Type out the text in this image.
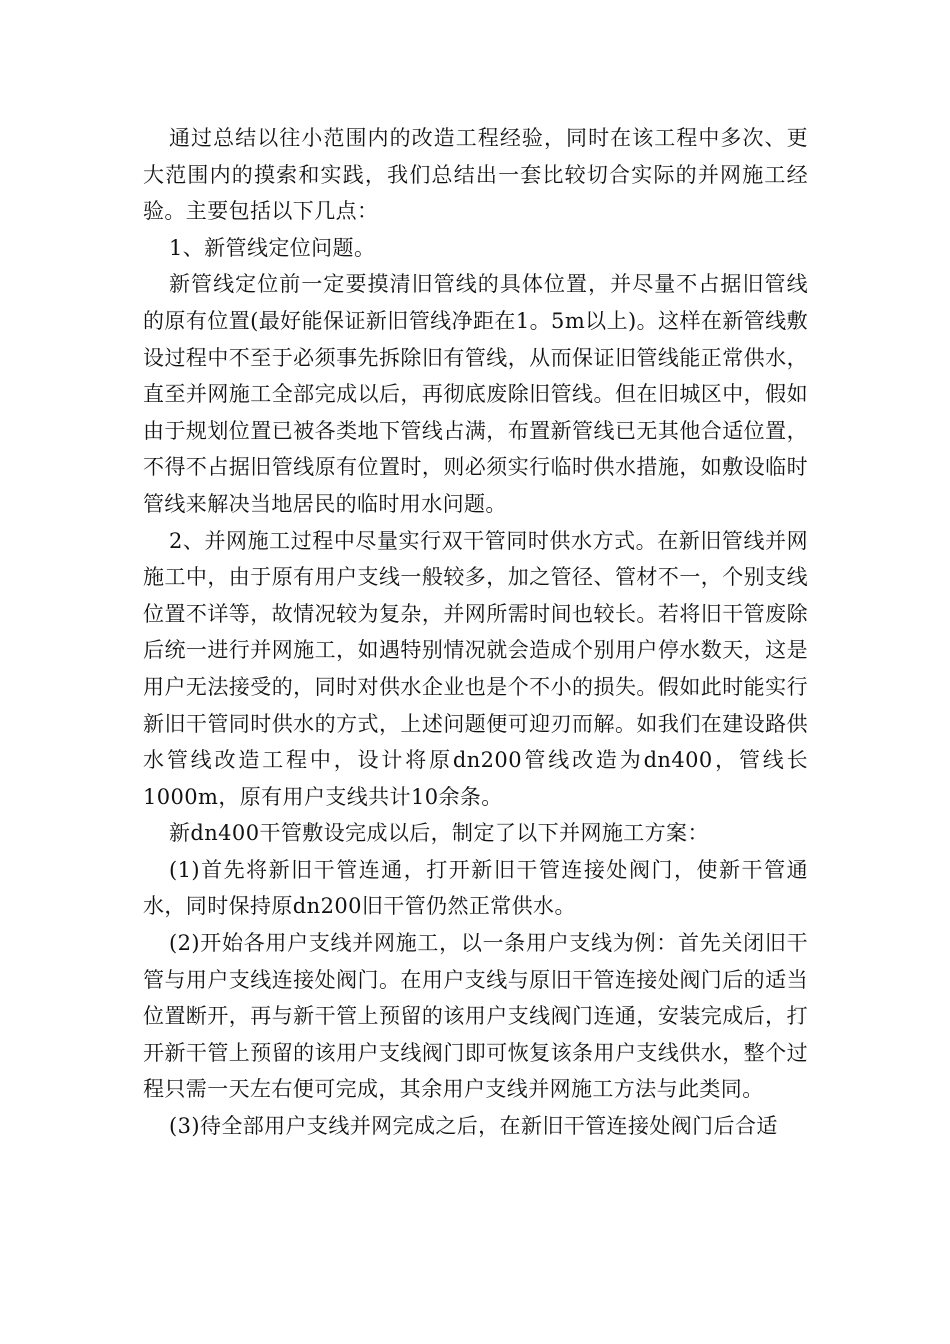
通过总结以往小范围内的改造工程经验，同时在该工程中多次、更大范围内的摸索和实践，我们总结出一套比较切合实际的并网施工经验。主要包括以下几点：

1、新管线定位问题。

新管线定位前一定要摸清旧管线的具体位置，并尽量不占据旧管线的原有位置(最好能保证新旧管线净距在1。5m以上)。这样在新管线敷设过程中不至于必须事先拆除旧有管线，从而保证旧管线能正常供水，直至并网施工全部完成以后，再彻底废除旧管线。但在旧城区中，假如由于规划位置已被各类地下管线占满，布置新管线已无其他合适位置，不得不占据旧管线原有位置时，则必须实行临时供水措施，如敷设临时管线来解决当地居民的临时用水问题。

2、并网施工过程中尽量实行双干管同时供水方式。在新旧管线并网施工中，由于原有用户支线一般较多，加之管径、管材不一，个别支线位置不详等，故情况较为复杂，并网所需时间也较长。若将旧干管废除后统一进行并网施工，如遇特别情况就会造成个别用户停水数天，这是用户无法接受的，同时对供水企业也是个不小的损失。假如此时能实行新旧干管同时供水的方式，上述问题便可迎刃而解。如我们在建设路供水管线改造工程中，设计将原dn200管线改造为dn400，管线长1000m，原有用户支线共计10余条。

新dn400干管敷设完成以后，制定了以下并网施工方案：

(1)首先将新旧干管连通，打开新旧干管连接处阀门，使新干管通水，同时保持原dn200旧干管仍然正常供水。

(2)开始各用户支线并网施工，以一条用户支线为例：首先关闭旧干管与用户支线连接处阀门。在用户支线与原旧干管连接处阀门后的适当位置断开，再与新干管上预留的该用户支线阀门连通，安装完成后，打开新干管上预留的该用户支线阀门即可恢复该条用户支线供水，整个过程只需一天左右便可完成，其余用户支线并网施工方法与此类同。

(3)待全部用户支线并网完成之后，在新旧干管连接处阀门后合适
